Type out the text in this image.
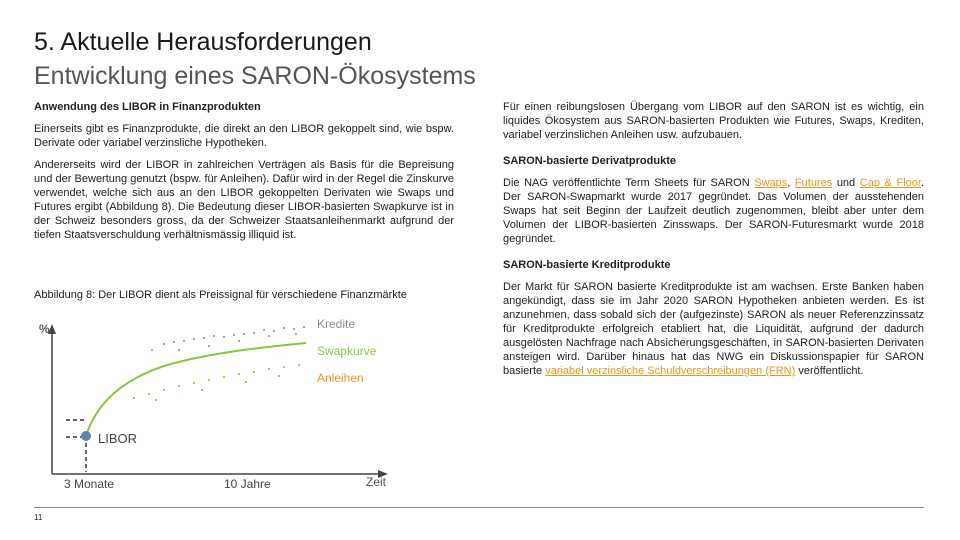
5. Aktuelle Herausforderungen
Entwicklung eines SARON-Ökosystems

Anwendung des LIBOR in Finanzprodukten

Einerseits gibt es Finanzprodukte, die direkt an den LIBOR gekoppelt sind, wie bspw. Derivate oder variabel verzinsliche Hypotheken.

Andererseits wird der LIBOR in zahlreichen Verträgen als Basis für die Bepreisung und der Bewertung genutzt (bspw. für Anleihen). Dafür wird in der Regel die Zinskurve verwendet, welche sich aus an den LIBOR gekoppelten Derivaten wie Swaps und Futures ergibt (Abbildung 8). Die Bedeutung dieser LIBOR-basierten Swapkurve ist in der Schweiz besonders gross, da der Schweizer Staatsanleihenmarkt aufgrund der tiefen Staatsverschuldung verhältnismässig illiquid ist.

Abbildung 8: Der LIBOR dient als Preissignal für verschiedene Finanzmärkte
%
Zeit
LIBOR
Kredite
Swapkurve
Anleihen
3 Monate	10 Jahre

Für einen reibungslosen Übergang vom LIBOR auf den SARON ist es wichtig, ein liquides Ökosystem aus SARON-basierten Produkten wie Futures, Swaps, Krediten, variabel verzinslichen Anleihen usw. aufzubauen.

SARON-basierte Derivatprodukte

Die NAG veröffentlichte Term Sheets für SARON Swaps, Futures und Cap & Floor. Der SARON-Swapmarkt wurde 2017 gegründet. Das Volumen der ausstehenden Swaps hat seit Beginn der Laufzeit deutlich zugenommen, bleibt aber unter dem Volumen der LIBOR-basierten Zinsswaps. Der SARON-Futuresmarkt wurde 2018 gegründet.

SARON-basierte Kreditprodukte

Der Markt für SARON basierte Kreditprodukte ist am wachsen. Erste Banken haben angekündigt, dass sie im Jahr 2020 SARON Hypotheken anbieten werden. Es ist anzunehmen, dass sobald sich der (aufgezinste) SARON als neuer Referenzzinssatz für Kreditprodukte erfolgreich etabliert hat, die Liquidität, aufgrund der dadurch ausgelösten Nachfrage nach Absicherungsgeschäften, in SARON-basierten Derivaten ansteigen wird. Darüber hinaus hat das NWG ein Diskussionspapier für SARON basierte variabel verzinsliche Schuldverschreibungen (FRN) veröffentlicht.

11
